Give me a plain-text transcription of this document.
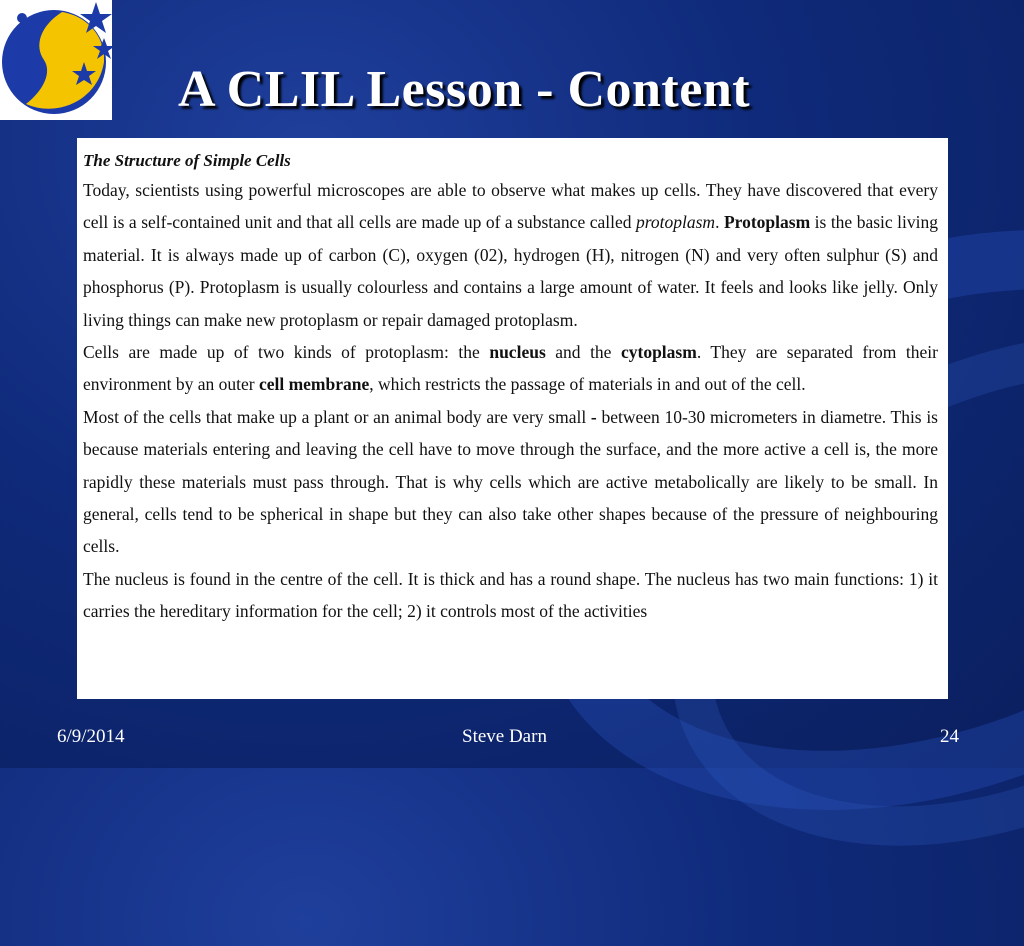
A CLIL Lesson - Content

The Structure of Simple Cells

Today, scientists using powerful microscopes are able to observe what makes up cells. They have discovered that every cell is a self-contained unit and that all cells are made up of a substance called protoplasm. Protoplasm is the basic living material. It is always made up of carbon (C), oxygen (02), hydrogen (H), nitrogen (N) and very often sulphur (S) and phosphorus (P). Protoplasm is usually colourless and contains a large amount of water. It feels and looks like jelly. Only living things can make new protoplasm or repair damaged protoplasm.

Cells are made up of two kinds of protoplasm: the nucleus and the cytoplasm. They are separated from their environment by an outer cell membrane, which restricts the passage of materials in and out of the cell.

Most of the cells that make up a plant or an animal body are very small - between 10-30 micrometers in diametre. This is because materials entering and leaving the cell have to move through the surface, and the more active a cell is, the more rapidly these materials must pass through. That is why cells which are active metabolically are likely to be small. In general, cells tend to be spherical in shape but they can also take other shapes because of the pressure of neighbouring cells.

The nucleus is found in the centre of the cell. It is thick and has a round shape. The nucleus has two main functions: 1) it carries the hereditary information for the cell; 2) it controls most of the activities

6/9/2014	Steve Darn	24
